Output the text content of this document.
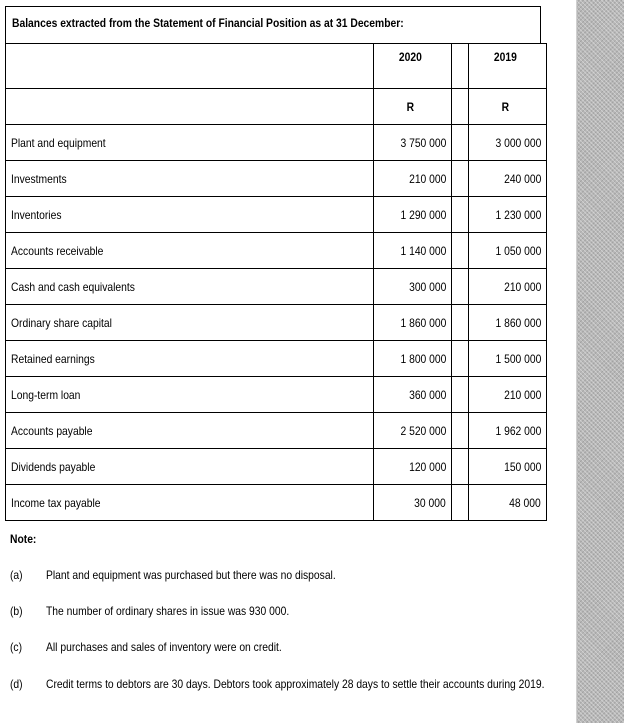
Balances extracted from the Statement of Financial Position as at 31 December:
	2020		2019
	R		R
Plant and equipment	3 750 000		3 000 000
Investments	210 000		240 000
Inventories	1 290 000		1 230 000
Accounts receivable	1 140 000		1 050 000
Cash and cash equivalents	300 000		210 000
Ordinary share capital	1 860 000		1 860 000
Retained earnings	1 800 000		1 500 000
Long-term loan	360 000		210 000
Accounts payable	2 520 000		1 962 000
Dividends payable	120 000		150 000
Income tax payable	30 000		48 000
Note:
(a)	Plant and equipment was purchased but there was no disposal.
(b)	The number of ordinary shares in issue was 930 000.
(c)	All purchases and sales of inventory were on credit.
(d)	Credit terms to debtors are 30 days. Debtors took approximately 28 days to settle their accounts during 2019.
